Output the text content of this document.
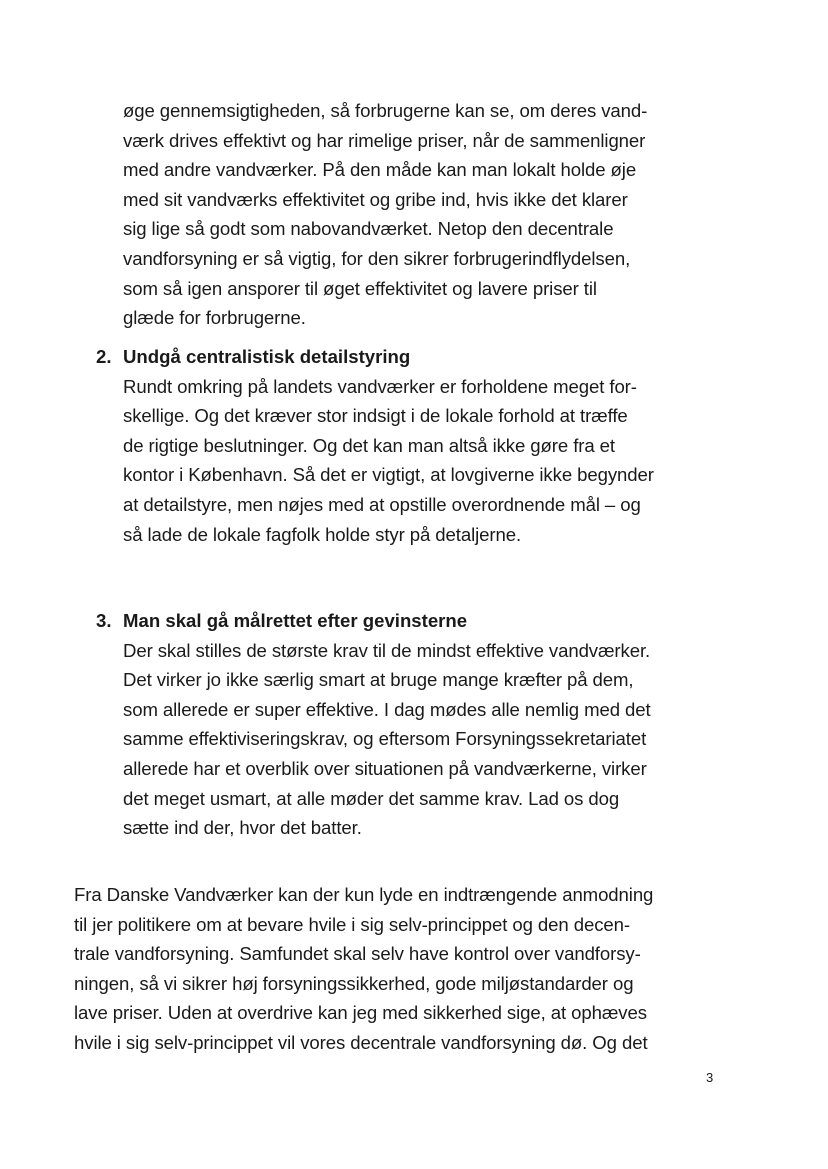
øge gennemsigtigheden, så forbrugerne kan se, om deres vand-
værk drives effektivt og har rimelige priser, når de sammenligner
med andre vandværker. På den måde kan man lokalt holde øje
med sit vandværks effektivitet og gribe ind, hvis ikke det klarer
sig lige så godt som nabovandværket. Netop den decentrale
vandforsyning er så vigtig, for den sikrer forbrugerindflydelsen,
som så igen ansporer til øget effektivitet og lavere priser til
glæde for forbrugerne.
2. Undgå centralistisk detailstyring
Rundt omkring på landets vandværker er forholdene meget for-
skellige. Og det kræver stor indsigt i de lokale forhold at træffe
de rigtige beslutninger. Og det kan man altså ikke gøre fra et
kontor i København. Så det er vigtigt, at lovgiverne ikke begynder
at detailstyre, men nøjes med at opstille overordnende mål – og
så lade de lokale fagfolk holde styr på detaljerne.
3. Man skal gå målrettet efter gevinsterne
Der skal stilles de største krav til de mindst effektive vandværker.
Det virker jo ikke særlig smart at bruge mange kræfter på dem,
som allerede er super effektive. I dag mødes alle nemlig med det
samme effektiviseringskrav, og eftersom Forsyningssekretariatet
allerede har et overblik over situationen på vandværkerne, virker
det meget usmart, at alle møder det samme krav. Lad os dog
sætte ind der, hvor det batter.
Fra Danske Vandværker kan der kun lyde en indtrængende anmodning
til jer politikere om at bevare hvile i sig selv-princippet og den decen-
trale vandforsyning. Samfundet skal selv have kontrol over vandforsy-
ningen, så vi sikrer høj forsyningssikkerhed, gode miljøstandarder og
lave priser. Uden at overdrive kan jeg med sikkerhed sige, at ophæves
hvile i sig selv-princippet vil vores decentrale vandforsyning dø. Og det
3
